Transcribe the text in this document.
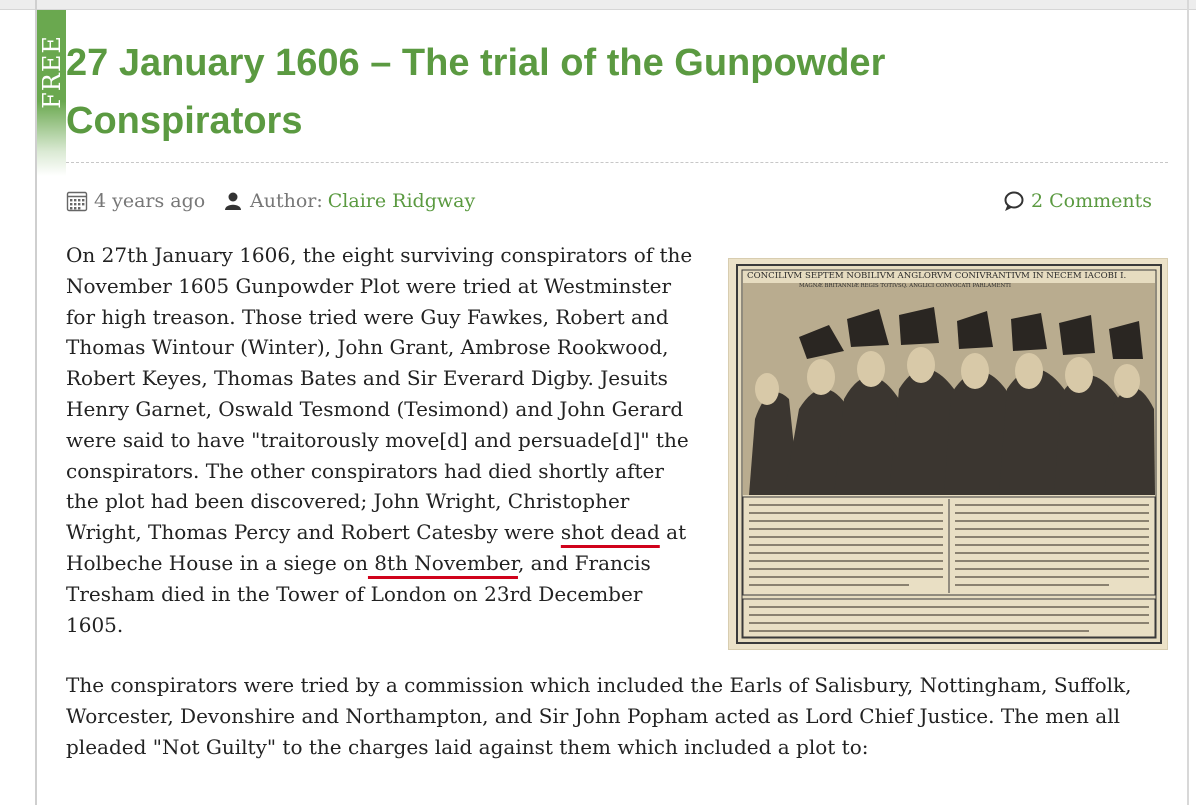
FREE 27 January 1606 – The trial of the Gunpowder Conspirators
4 years ago Author: Claire Ridgway	2 Comments
CONCILIVM SEPTEM NOBILIVM ANGLORVM CONIVRANTIVM IN NECEM IACOBI I.
MAGNÆ BRITANNIÆ REGIS TOTIVSQ. ANGLICI CONVOCATI PARLAMENTI

On 27th January 1606, the eight surviving conspirators of the November 1605 Gunpowder Plot were tried at Westminster for high treason. Those tried were Guy Fawkes, Robert and Thomas Wintour (Winter), John Grant, Ambrose Rookwood, Robert Keyes, Thomas Bates and Sir Everard Digby. Jesuits Henry Garnet, Oswald Tesmond (Tesimond) and John Gerard were said to have "traitorously move[d] and persuade[d]" the conspirators. The other conspirators had died shortly after the plot had been discovered; John Wright, Christopher Wright, Thomas Percy and Robert Catesby were shot dead at Holbeche House in a siege on 8th November, and Francis Tresham died in the Tower of London on 23rd December 1605.

The conspirators were tried by a commission which included the Earls of Salisbury, Nottingham, Suffolk, Worcester, Devonshire and Northampton, and Sir John Popham acted as Lord Chief Justice. The men all pleaded "Not Guilty" to the charges laid against them which included a plot to:
